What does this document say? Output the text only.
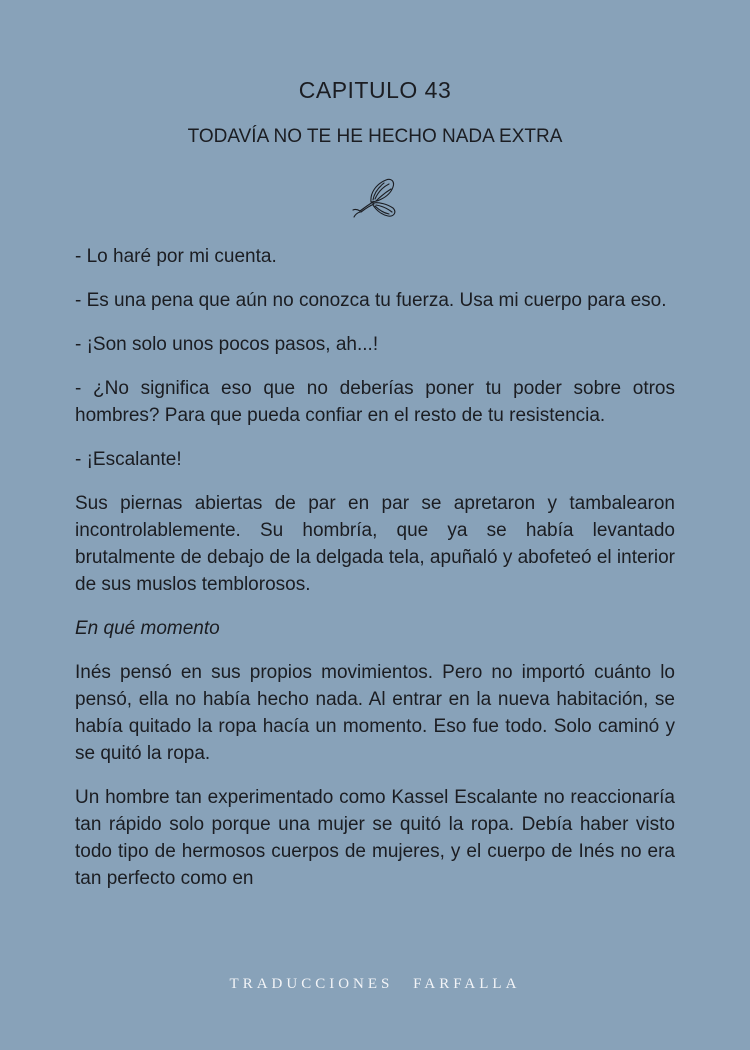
CAPITULO 43
TODAVÍA NO TE HE HECHO NADA EXTRA

- Lo haré por mi cuenta.

- Es una pena que aún no conozca tu fuerza. Usa mi cuerpo para eso.

- ¡Son solo unos pocos pasos, ah...!

- ¿No significa eso que no deberías poner tu poder sobre otros hombres? Para que pueda confiar en el resto de tu resistencia.

- ¡Escalante!

Sus piernas abiertas de par en par se apretaron y tambalearon incontrolablemente. Su hombría, que ya se había levantado brutalmente de debajo de la delgada tela, apuñaló y abofeteó el interior de sus muslos temblorosos.

En qué momento

Inés pensó en sus propios movimientos. Pero no importó cuánto lo pensó, ella no había hecho nada. Al entrar en la nueva habitación, se había quitado la ropa hacía un momento. Eso fue todo. Solo caminó y se quitó la ropa.

Un hombre tan experimentado como Kassel Escalante no reaccionaría tan rápido solo porque una mujer se quitó la ropa. Debía haber visto todo tipo de hermosos cuerpos de mujeres, y el cuerpo de Inés no era tan perfecto como en

TRADUCCIONES FARFALLA
